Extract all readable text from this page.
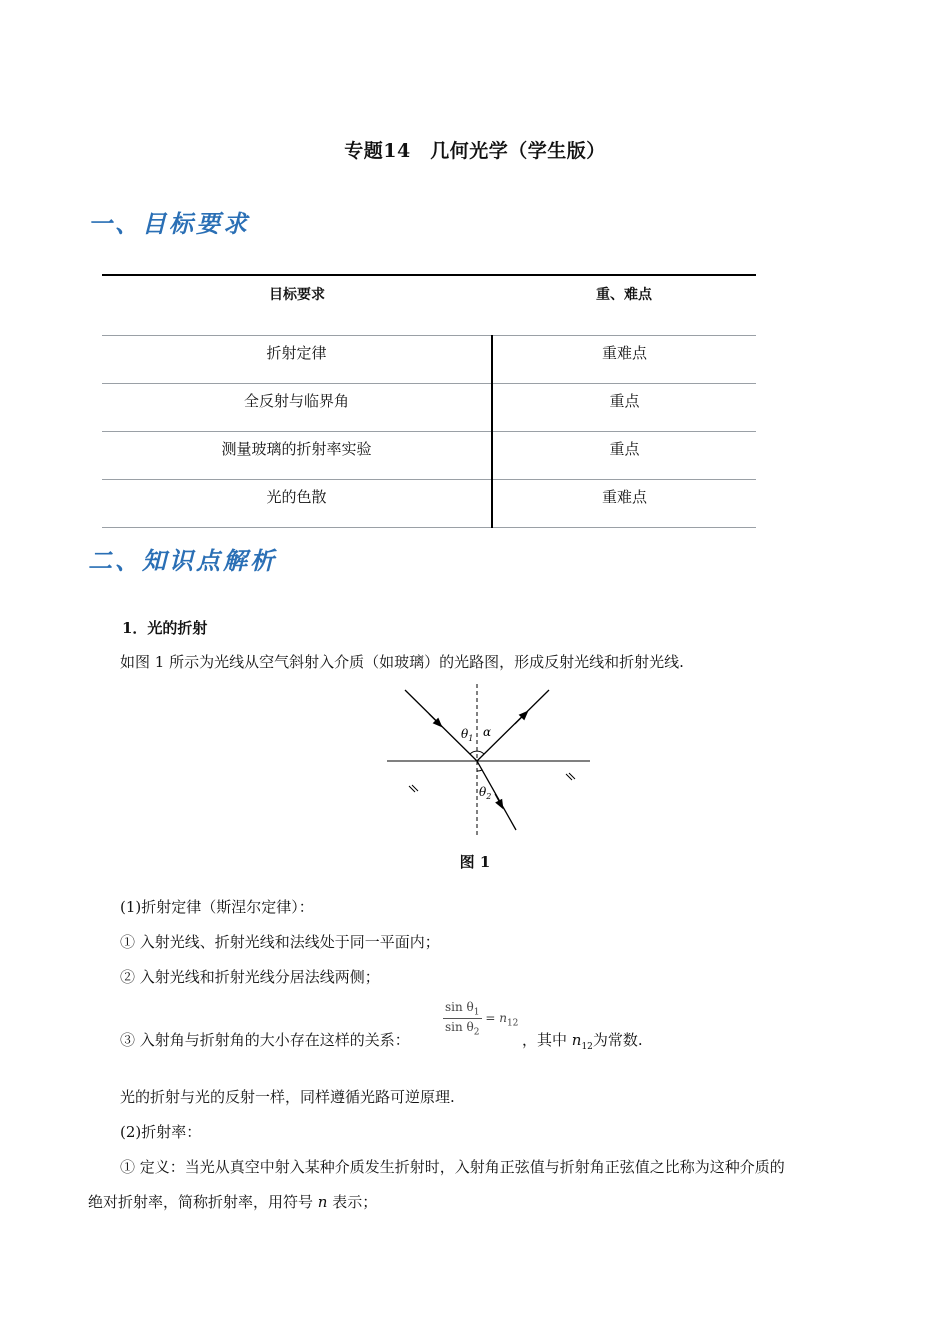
专题14　几何光学（学生版）
一、目标要求
目标要求	重、难点
折射定律	重难点
全反射与临界角	重点
测量玻璃的折射率实验	重点
光的色散	重难点
二、知识点解析
1．光的折射
如图 1 所示为光线从空气斜射入介质（如玻璃）的光路图，形成反射光线和折射光线.
$\theta_1$ α
$\theta_2$
图 1
(1)折射定律（斯涅尔定律）：
① 入射光线、折射光线和法线处于同一平面内；
② 入射光线和折射光线分居法线两侧；
③ 入射角与折射角的大小存在这样的关系：
$\frac{\sin \theta_1}{\sin \theta_2} = n_{12}$
，其中 $n_{12}$为常数.
光的折射与光的反射一样，同样遵循光路可逆原理.
(2)折射率：
① 定义：当光从真空中射入某种介质发生折射时，入射角正弦值与折射角正弦值之比称为这种介质的
绝对折射率，简称折射率，用符号 n 表示；
